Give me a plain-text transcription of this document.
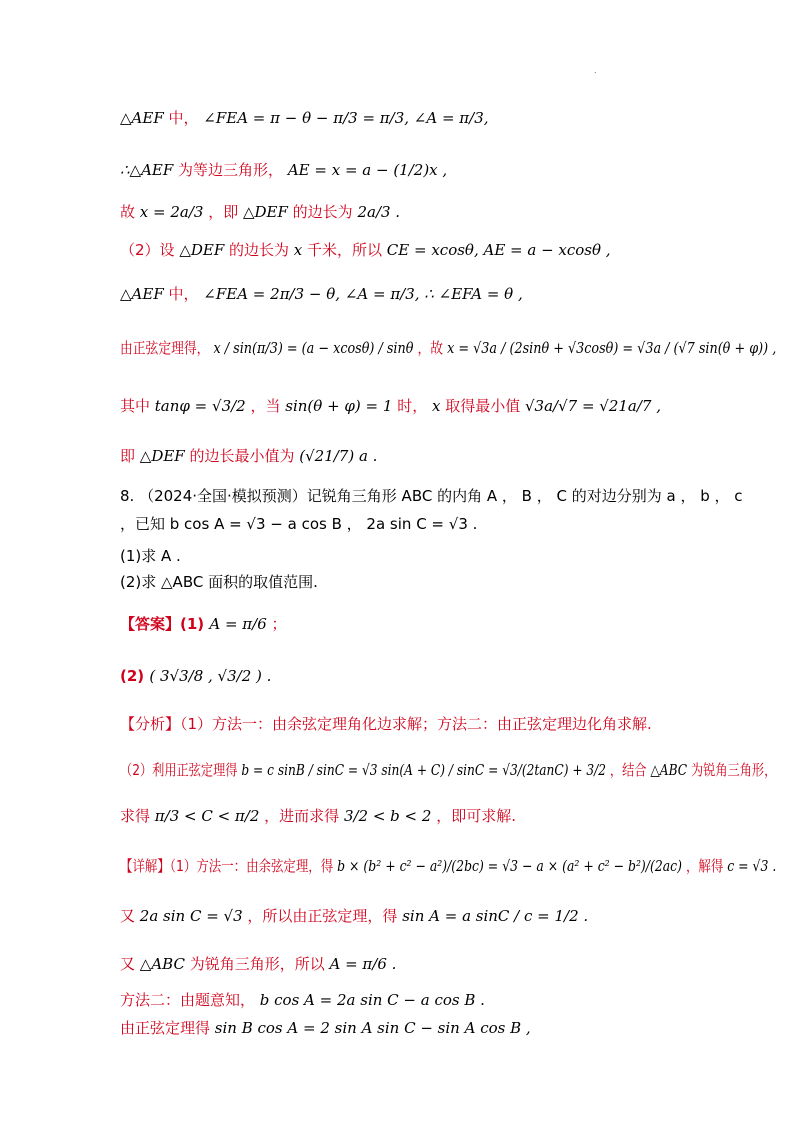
.
△AEF 中， ∠FEA = π − θ − π/3 = π/3, ∠A = π/3,
∴△AEF 为等边三角形， AE = x = a − (1/2)x ,
故 x = 2a/3 ，即 △DEF 的边长为 2a/3 .
（2）设 △DEF 的边长为 x 千米，所以 CE = xcosθ, AE = a − xcosθ ,
△AEF 中， ∠FEA = 2π/3 − θ, ∠A = π/3, ∴ ∠EFA = θ ,
由正弦定理得， x / sin(π/3) = (a − xcosθ) / sinθ ，故 x = √3a / (2sinθ + √3cosθ) = √3a / (√7 sin(θ + φ)) ,
其中 tanφ = √3/2 ，当 sin(θ + φ) = 1 时， x 取得最小值 √3a/√7 = √21a/7 ,
即 △DEF 的边长最小值为 (√21/7) a .
8. （2024·全国·模拟预测）记锐角三角形 ABC 的内角 A ， B ， C 的对边分别为 a ， b ， c
，已知 b cos A = √3 − a cos B ， 2a sin C = √3 .
(1)求 A .
(2)求 △ABC 面积的取值范围.
【答案】(1) A = π/6 ；
(2) ( 3√3/8 , √3/2 ) .
【分析】（1）方法一：由余弦定理角化边求解；方法二：由正弦定理边化角求解.
（2）利用正弦定理得 b = c sinB / sinC = √3 sin(A + C) / sinC = √3/(2tanC) + 3/2 ，结合 △ABC 为锐角三角形，
求得 π/3 < C < π/2 ，进而求得 3/2 < b < 2 ，即可求解.
【详解】（1）方法一：由余弦定理，得 b × (b² + c² − a²)/(2bc) = √3 − a × (a² + c² − b²)/(2ac) ，解得 c = √3 .
又 2a sin C = √3 ，所以由正弦定理，得 sin A = a sinC / c = 1/2 .
又 △ABC 为锐角三角形，所以 A = π/6 .
方法二：由题意知， b cos A = 2a sin C − a cos B .
由正弦定理得 sin B cos A = 2 sin A sin C − sin A cos B ,
